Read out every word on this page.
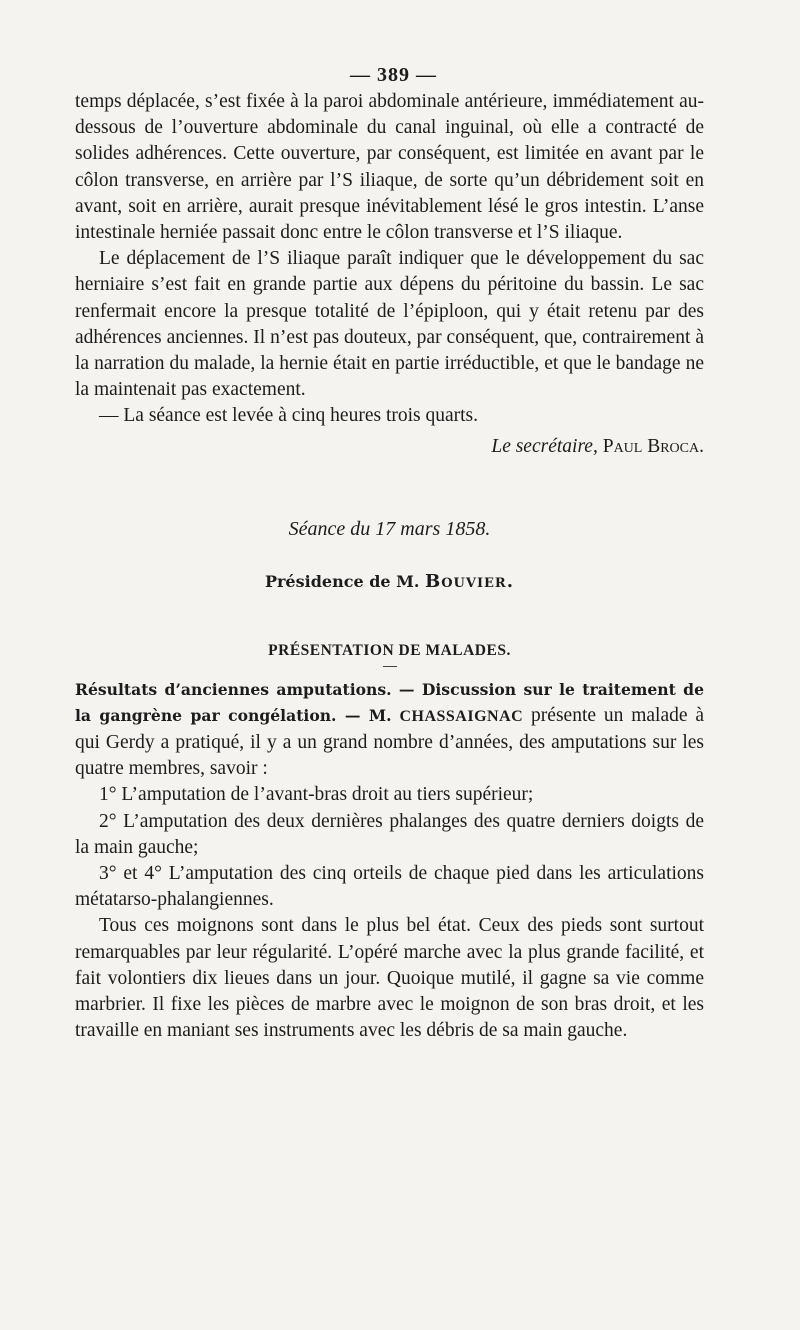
— 389 —

temps déplacée, s’est fixée à la paroi abdominale antérieure, immédiatement au-dessous de l’ouverture abdominale du canal inguinal, où elle a contracté de solides adhérences. Cette ouverture, par conséquent, est limitée en avant par le côlon transverse, en arrière par l’S iliaque, de sorte qu’un débridement soit en avant, soit en arrière, aurait presque inévitablement lésé le gros intestin. L’anse intestinale herniée passait donc entre le côlon transverse et l’S iliaque.

Le déplacement de l’S iliaque paraît indiquer que le développement du sac herniaire s’est fait en grande partie aux dépens du péritoine du bassin. Le sac renfermait encore la presque totalité de l’épiploon, qui y était retenu par des adhérences anciennes. Il n’est pas douteux, par conséquent, que, contrairement à la narration du malade, la hernie était en partie irréductible, et que le bandage ne la maintenait pas exactement.

— La séance est levée à cinq heures trois quarts.

Le secrétaire, Paul Broca.
Séance du 17 mars 1858.
Présidence de M. Bouvier.
PRÉSENTATION DE MALADES.

Résultats d’anciennes amputations. — Discussion sur le traitement de la gangrène par congélation. — M. CHASSAIGNAC présente un malade à qui Gerdy a pratiqué, il y a un grand nombre d’années, des amputations sur les quatre membres, savoir :

1° L’amputation de l’avant-bras droit au tiers supérieur;

2° L’amputation des deux dernières phalanges des quatre derniers doigts de la main gauche;

3° et 4° L’amputation des cinq orteils de chaque pied dans les articulations métatarso-phalangiennes.

Tous ces moignons sont dans le plus bel état. Ceux des pieds sont surtout remarquables par leur régularité. L’opéré marche avec la plus grande facilité, et fait volontiers dix lieues dans un jour. Quoique mutilé, il gagne sa vie comme marbrier. Il fixe les pièces de marbre avec le moignon de son bras droit, et les travaille en maniant ses instruments avec les débris de sa main gauche.
